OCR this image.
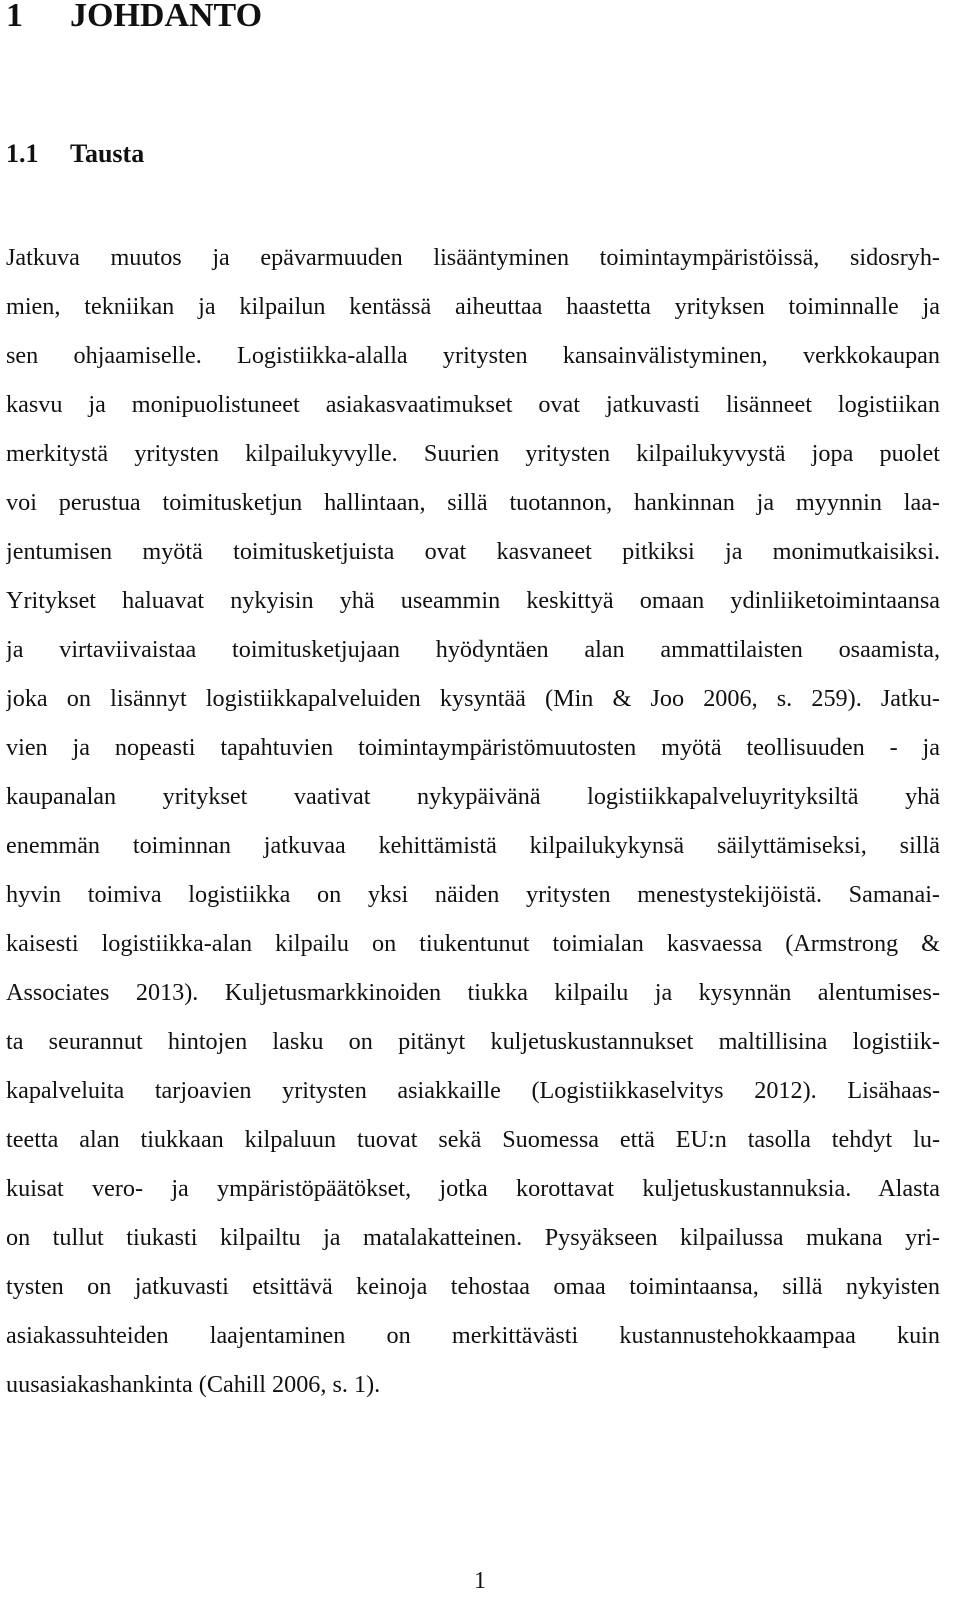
1 JOHDANTO
1.1 Tausta
Jatkuva muutos ja epävarmuuden lisääntyminen toimintaympäristöissä, sidosryh-
mien, tekniikan ja kilpailun kentässä aiheuttaa haastetta yrityksen toiminnalle ja
sen ohjaamiselle. Logistiikka-alalla yritysten kansainvälistyminen, verkkokaupan
kasvu ja monipuolistuneet asiakasvaatimukset ovat jatkuvasti lisänneet logistiikan
merkitystä yritysten kilpailukyvylle. Suurien yritysten kilpailukyvystä jopa puolet
voi perustua toimitusketjun hallintaan, sillä tuotannon, hankinnan ja myynnin laa-
jentumisen myötä toimitusketjuista ovat kasvaneet pitkiksi ja monimutkaisiksi.
Yritykset haluavat nykyisin yhä useammin keskittyä omaan ydinliiketoimintaansa
ja virtaviivaistaa toimitusketjujaan hyödyntäen alan ammattilaisten osaamista,
joka on lisännyt logistiikkapalveluiden kysyntää (Min & Joo 2006, s. 259). Jatku-
vien ja nopeasti tapahtuvien toimintaympäristömuutosten myötä teollisuuden - ja
kaupanalan yritykset vaativat nykypäivänä logistiikkapalveluyrityksiltä yhä
enemmän toiminnan jatkuvaa kehittämistä kilpailukykynsä säilyttämiseksi, sillä
hyvin toimiva logistiikka on yksi näiden yritysten menestystekijöistä. Samanai-
kaisesti logistiikka-alan kilpailu on tiukentunut toimialan kasvaessa (Armstrong &
Associates 2013). Kuljetusmarkkinoiden tiukka kilpailu ja kysynnän alentumises-
ta seurannut hintojen lasku on pitänyt kuljetuskustannukset maltillisina logistiik-
kapalveluita tarjoavien yritysten asiakkaille (Logistiikkaselvitys 2012). Lisähaas-
teetta alan tiukkaan kilpaluun tuovat sekä Suomessa että EU:n tasolla tehdyt lu-
kuisat vero- ja ympäristöpäätökset, jotka korottavat kuljetuskustannuksia. Alasta
on tullut tiukasti kilpailtu ja matalakatteinen. Pysyäkseen kilpailussa mukana yri-
tysten on jatkuvasti etsittävä keinoja tehostaa omaa toimintaansa, sillä nykyisten
asiakassuhteiden laajentaminen on merkittävästi kustannustehokkaampaa kuin
uusasiakashankinta (Cahill 2006, s. 1).
1
